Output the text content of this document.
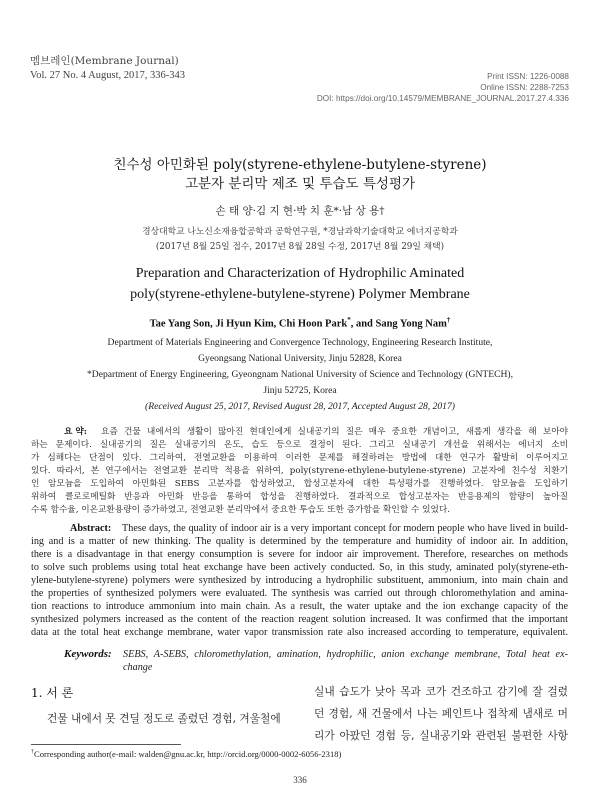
멤브레인(Membrane Journal)
Vol. 27 No. 4 August, 2017, 336-343	Print ISSN: 1226-0088
Online ISSN: 2288-7253
DOI: https://doi.org/10.14579/MEMBRANE_JOURNAL.2017.27.4.336
친수성 아민화된 poly(styrene-ethylene-butylene-styrene)
고분자 분리막 제조 및 투습도 특성평가
손 태 양·김 지 현·박 치 훈*·남 상 용†
경상대학교 나노신소재융합공학과 공학연구원, *경남과학기술대학교 에너지공학과
(2017년 8월 25일 접수, 2017년 8월 28일 수정, 2017년 8월 29일 채택)
Preparation and Characterization of Hydrophilic Aminated
poly(styrene-ethylene-butylene-styrene) Polymer Membrane
Tae Yang Son, Ji Hyun Kim, Chi Hoon Park*, and Sang Yong Nam†
Department of Materials Engineering and Convergence Technology, Engineering Research Institute,
Gyeongsang National University, Jinju 52828, Korea
*Department of Energy Engineering, Gyeongnam National University of Science and Technology (GNTECH),
Jinju 52725, Korea
(Received August 25, 2017, Revised August 28, 2017, Accepted August 28, 2017)
요 약: 요즘 건물 내에서의 생활이 많아진 현대인에게 실내공기의 질은 매우 중요한 개념이고, 새롭게 생각을 해 보아야
하는 문제이다. 실내공기의 질은 실내공기의 온도, 습도 등으로 결정이 된다. 그리고 실내공기 개선을 위해서는 에너지 소비
가 심해다는 단점이 있다. 그리하여, 전열교환을 이용하여 이러한 문제를 해결하려는 방법에 대한 연구가 활발히 이루어지고
있다. 따라서, 본 연구에서는 전열교환 분리막 적용을 위하여, poly(styrene-ethylene-butylene-styrene) 고분자에 친수성 치환기
인 암모늄을 도입하여 아민화된 SEBS 고분자를 합성하였고, 합성고분자에 대한 특성평가를 진행하였다. 암모늄을 도입하기
위하여 클로로메틸화 반응과 아민화 반응을 통하여 합성을 진행하였다. 결과적으로 합성고분자는 반응용제의 함량이 높아질
수록 함수율, 이온교환용량이 증가하였고, 전열교환 분리막에서 중요한 투습도 또한 증가함을 확인할 수 있었다.
Abstract: These days, the quality of indoor air is a very important concept for modern people who have lived in build-
ing and is a matter of new thinking. The quality is determined by the temperature and humidity of indoor air. In addition,
there is a disadvantage in that energy consumption is severe for indoor air improvement. Therefore, researches on methods
to solve such problems using total heat exchange have been actively conducted. So, in this study, aminated poly(styrene-eth-
ylene-butylene-styrene) polymers were synthesized by introducing a hydrophilic substituent, ammonium, into main chain and
the properties of synthesized polymers were evaluated. The synthesis was carried out through chloromethylation and amina-
tion reactions to introduce ammonium into main chain. As a result, the water uptake and the ion exchange capacity of the
synthesized polymers increased as the content of the reaction reagent solution increased. It was confirmed that the important
data at the total heat exchange membrane, water vapor transmission rate also increased according to temperature, equivalent.
Keywords: SEBS, A-SEBS, chloromethylation, amination, hydrophilic, anion exchange membrane, Total heat ex-
change
1. 서 론
건물 내에서 못 견딜 정도로 졸렸던 경험, 겨울철에
실내 습도가 낮아 목과 코가 건조하고 감기에 잘 걸렸
던 경험, 새 건물에서 나는 페인트나 접착제 냄새로 머
리가 아팠던 경험 등, 실내공기와 관련된 불편한 사항
†Corresponding author(e-mail: walden@gnu.ac.kr, http://orcid.org/0000-0002-6056-2318)
336
